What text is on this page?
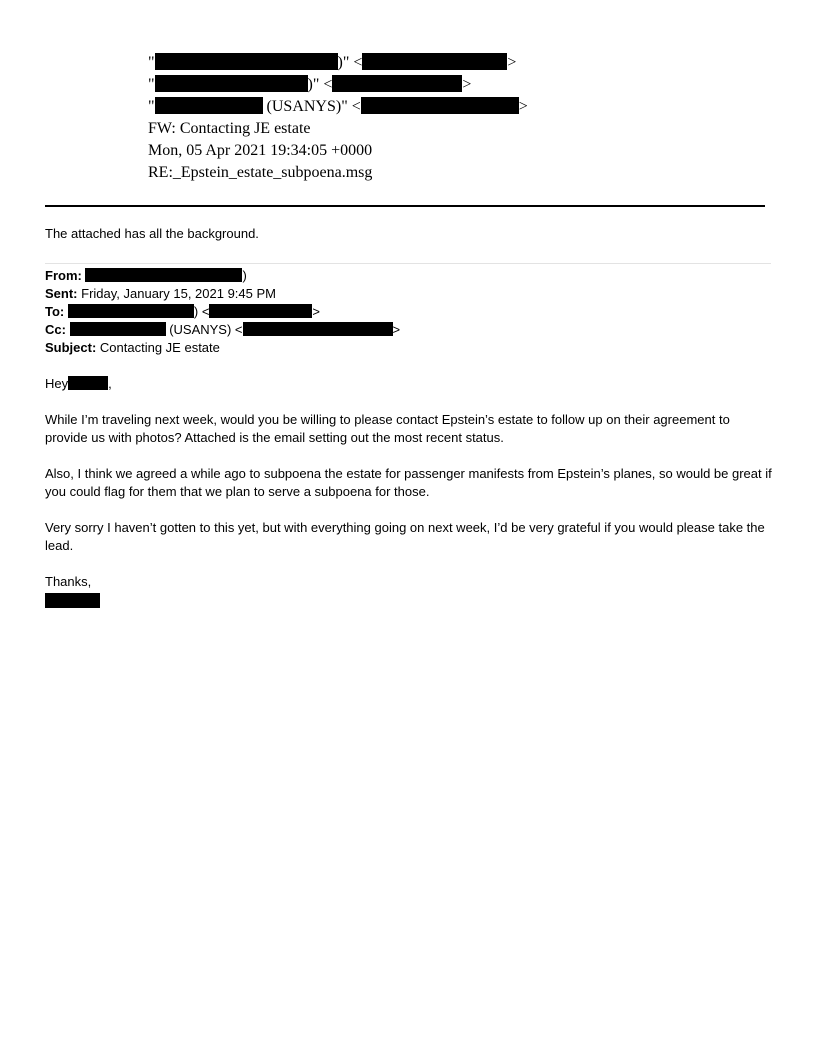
"	)" <	>
"	)" <	>
"	(USANYS)" <	>
FW: Contacting JE estate
Mon, 05 Apr 2021 19:34:05 +0000
RE:_Epstein_estate_subpoena.msg
The attached has all the background.
From:	)
Sent: Friday, January 15, 2021 9:45 PM
To:	) <	>
Cc:	(USANYS) <	>
Subject: Contacting JE estate

Hey	,

While I’m traveling next week, would you be willing to please contact Epstein’s estate to follow up on their agreement to provide us with photos? Attached is the email setting out the most recent status.

Also, I think we agreed a while ago to subpoena the estate for passenger manifests from Epstein’s planes, so would be great if you could flag for them that we plan to serve a subpoena for those.

Very sorry I haven’t gotten to this yet, but with everything going on next week, I’d be very grateful if you would please take the lead.

Thanks,
